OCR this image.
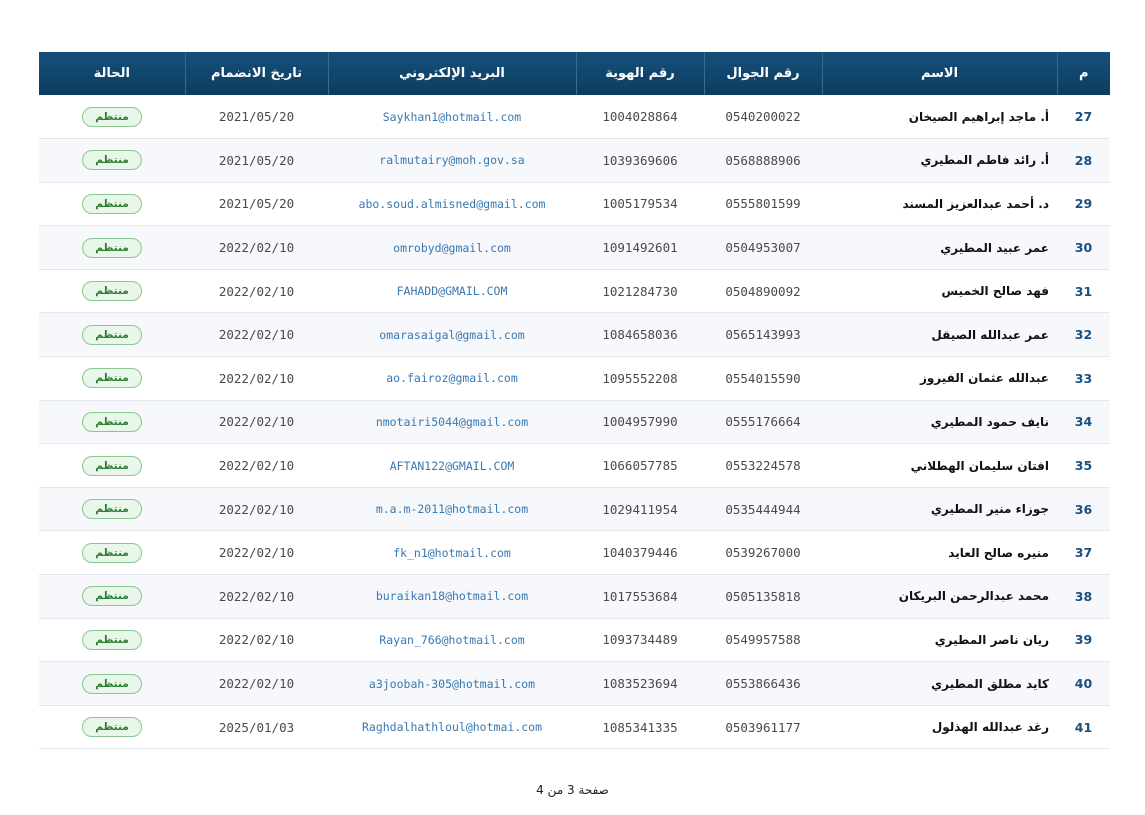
م	الاسم	رقم الجوال	رقم الهوية	البريد الإلكتروني	تاريخ الانضمام	الحالة
27	أ. ماجد إبراهيم الصيخان	0540200022	1004028864	Saykhan1@hotmail.com	2021/05/20	منتظم
28	أ. رائد فاطم المطيري	0568888906	1039369606	ralmutairy@moh.gov.sa	2021/05/20	منتظم
29	د. أحمد عبدالعزيز المسند	0555801599	1005179534	abo.soud.almisned@gmail.com	2021/05/20	منتظم
30	عمر عبيد المطيري	0504953007	1091492601	omrobyd@gmail.com	2022/02/10	منتظم
31	فهد صالح الخميس	0504890092	1021284730	FAHADD@GMAIL.COM	2022/02/10	منتظم
32	عمر عبدالله الصيقل	0565143993	1084658036	omarasaigal@gmail.com	2022/02/10	منتظم
33	عبدالله عثمان الفيروز	0554015590	1095552208	ao.fairoz@gmail.com	2022/02/10	منتظم
34	نايف حمود المطيري	0555176664	1004957990	nmotairi5044@gmail.com	2022/02/10	منتظم
35	افتان سليمان الهطلاني	0553224578	1066057785	AFTAN122@GMAIL.COM	2022/02/10	منتظم
36	جوزاء منير المطيري	0535444944	1029411954	m.a.m-2011@hotmail.com	2022/02/10	منتظم
37	منيره صالح العايد	0539267000	1040379446	fk_n1@hotmail.com	2022/02/10	منتظم
38	محمد عبدالرحمن البريكان	0505135818	1017553684	buraikan18@hotmail.com	2022/02/10	منتظم
39	ريان ناصر المطيري	0549957588	1093734489	Rayan_766@hotmail.com	2022/02/10	منتظم
40	كايد مطلق المطيري	0553866436	1083523694	a3joobah-305@hotmail.com	2022/02/10	منتظم
41	رغد عبدالله الهذلول	0503961177	1085341335	Raghdalhathloul@hotmai.com	2025/01/03	منتظم
صفحة 3 من 4
